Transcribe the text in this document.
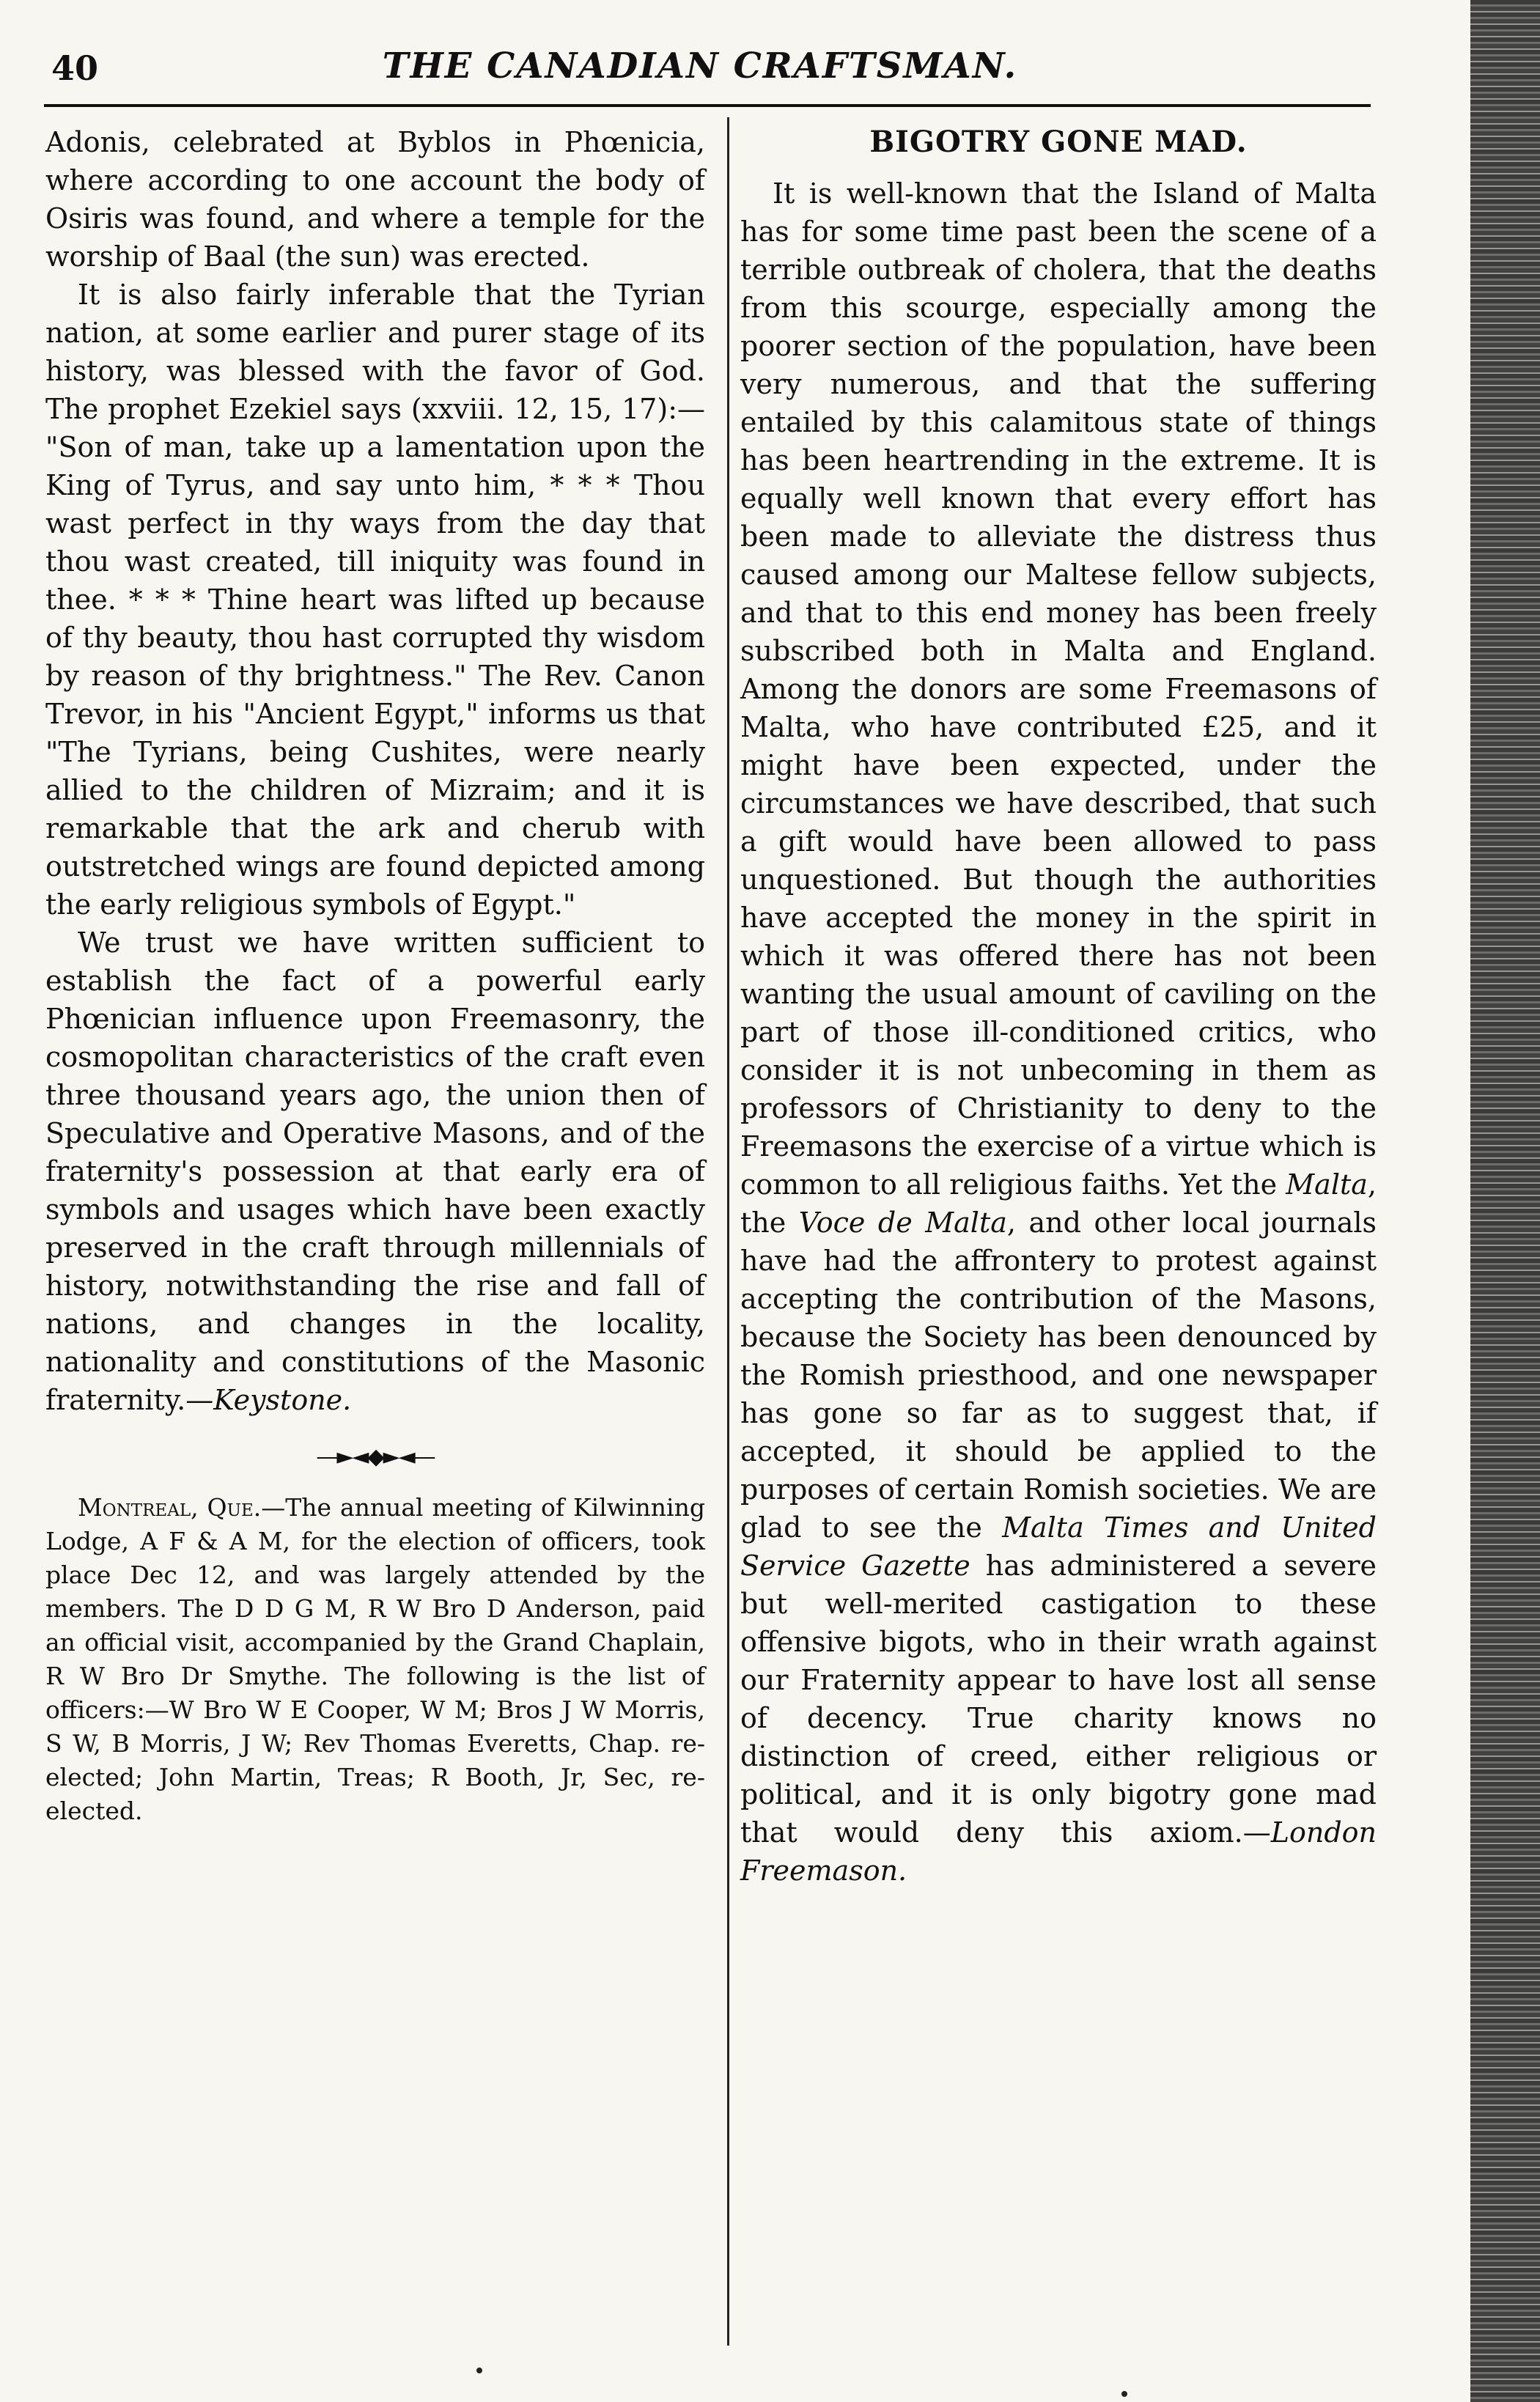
40	THE CANADIAN CRAFTSMAN.

Adonis, celebrated at Byblos in Phœnicia, where according to one account the body of Osiris was found, and where a temple for the worship of Baal (the sun) was erected.

It is also fairly inferable that the Tyrian nation, at some earlier and purer stage of its history, was blessed with the favor of God. The prophet Ezekiel says (xxviii. 12, 15, 17):— "Son of man, take up a lamentation upon the King of Tyrus, and say unto him, * * * Thou wast perfect in thy ways from the day that thou wast created, till iniquity was found in thee. * * * Thine heart was lifted up because of thy beauty, thou hast corrupted thy wisdom by reason of thy brightness." The Rev. Canon Trevor, in his "Ancient Egypt," informs us that "The Tyrians, being Cushites, were nearly allied to the children of Mizraim; and it is remarkable that the ark and cherub with outstretched wings are found depicted among the early religious symbols of Egypt."

We trust we have written sufficient to establish the fact of a powerful early Phœnician influence upon Freemasonry, the cosmopolitan characteristics of the craft even three thousand years ago, the union then of Speculative and Operative Masons, and of the fraternity's possession at that early era of symbols and usages which have been exactly preserved in the craft through millennials of history, notwithstanding the rise and fall of nations, and changes in the locality, nationality and constitutions of the Masonic fraternity.—Keystone.

—►◄◆►◄—

Montreal, Que.—The annual meeting of Kilwinning Lodge, A F & A M, for the election of officers, took place Dec 12, and was largely attended by the members. The D D G M, R W Bro D Anderson, paid an official visit, accompanied by the Grand Chaplain, R W Bro Dr Smythe. The following is the list of officers:—W Bro W E Cooper, W M; Bros J W Morris, S W, B Morris, J W; Rev Thomas Everetts, Chap. re-elected; John Martin, Treas; R Booth, Jr, Sec, re-elected.

BIGOTRY GONE MAD.

It is well-known that the Island of Malta has for some time past been the scene of a terrible outbreak of cholera, that the deaths from this scourge, especially among the poorer section of the population, have been very numerous, and that the suffering entailed by this calamitous state of things has been heartrending in the extreme. It is equally well known that every effort has been made to alleviate the distress thus caused among our Maltese fellow subjects, and that to this end money has been freely subscribed both in Malta and England. Among the donors are some Freemasons of Malta, who have contributed £25, and it might have been expected, under the circumstances we have described, that such a gift would have been allowed to pass unquestioned. But though the authorities have accepted the money in the spirit in which it was offered there has not been wanting the usual amount of caviling on the part of those ill-conditioned critics, who consider it is not unbecoming in them as professors of Christianity to deny to the Freemasons the exercise of a virtue which is common to all religious faiths. Yet the Malta, the Voce de Malta, and other local journals have had the affrontery to protest against accepting the contribution of the Masons, because the Society has been denounced by the Romish priesthood, and one newspaper has gone so far as to suggest that, if accepted, it should be applied to the purposes of certain Romish societies. We are glad to see the Malta Times and United Service Gazette has administered a severe but well-merited castigation to these offensive bigots, who in their wrath against our Fraternity appear to have lost all sense of decency. True charity knows no distinction of creed, either religious or political, and it is only bigotry gone mad that would deny this axiom.—London Freemason.
